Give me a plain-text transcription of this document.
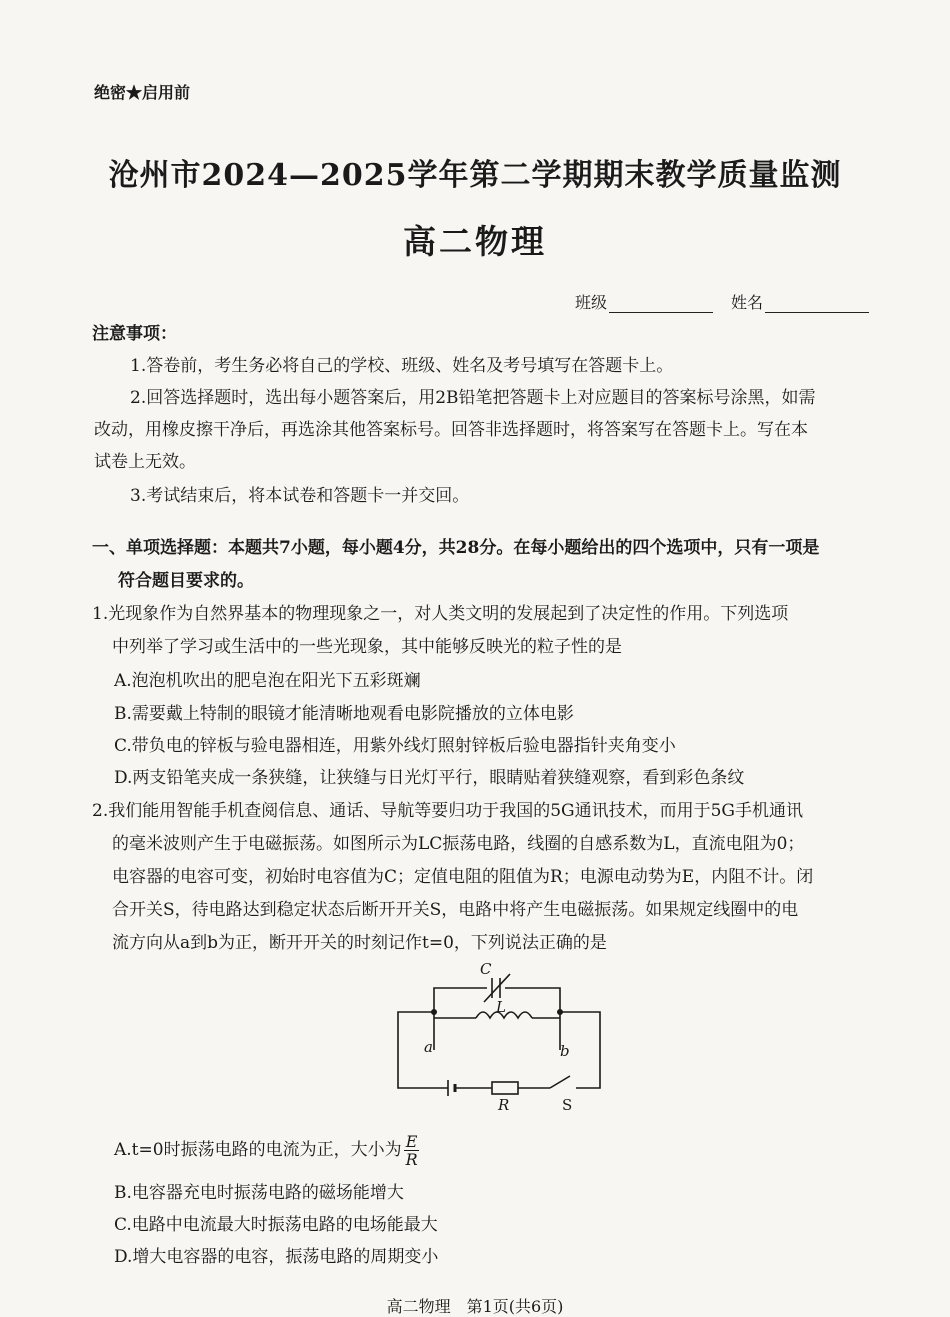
绝密★启用前
沧州市2024—2025学年第二学期期末教学质量监测
高二物理
班级	姓名
注意事项：
1.答卷前，考生务必将自己的学校、班级、姓名及考号填写在答题卡上。
2.回答选择题时，选出每小题答案后，用2B铅笔把答题卡上对应题目的答案标号涂黑，如需
改动，用橡皮擦干净后，再选涂其他答案标号。回答非选择题时，将答案写在答题卡上。写在本
试卷上无效。
3.考试结束后，将本试卷和答题卡一并交回。
一、单项选择题：本题共7小题，每小题4分，共28分。在每小题给出的四个选项中，只有一项是
符合题目要求的。
1.光现象作为自然界基本的物理现象之一，对人类文明的发展起到了决定性的作用。下列选项
中列举了学习或生活中的一些光现象，其中能够反映光的粒子性的是
A.泡泡机吹出的肥皂泡在阳光下五彩斑斓
B.需要戴上特制的眼镜才能清晰地观看电影院播放的立体电影
C.带负电的锌板与验电器相连，用紫外线灯照射锌板后验电器指针夹角变小
D.两支铅笔夹成一条狭缝，让狭缝与日光灯平行，眼睛贴着狭缝观察，看到彩色条纹
2.我们能用智能手机查阅信息、通话、导航等要归功于我国的5G通讯技术，而用于5G手机通讯
的毫米波则产生于电磁振荡。如图所示为LC振荡电路，线圈的自感系数为L，直流电阻为0；
电容器的电容可变，初始时电容值为C；定值电阻的阻值为R；电源电动势为E，内阻不计。闭
合开关S，待电路达到稳定状态后断开开关S，电路中将产生电磁振荡。如果规定线圈中的电
流方向从a到b为正，断开开关的时刻记作t=0，下列说法正确的是
C
L
a	b
R	S
A.t=0时振荡电路的电流为正，大小为 $\frac{E}{R}$
B.电容器充电时振荡电路的磁场能增大
C.电路中电流最大时振荡电路的电场能最大
D.增大电容器的电容，振荡电路的周期变小
高二物理　第1页(共6页)
